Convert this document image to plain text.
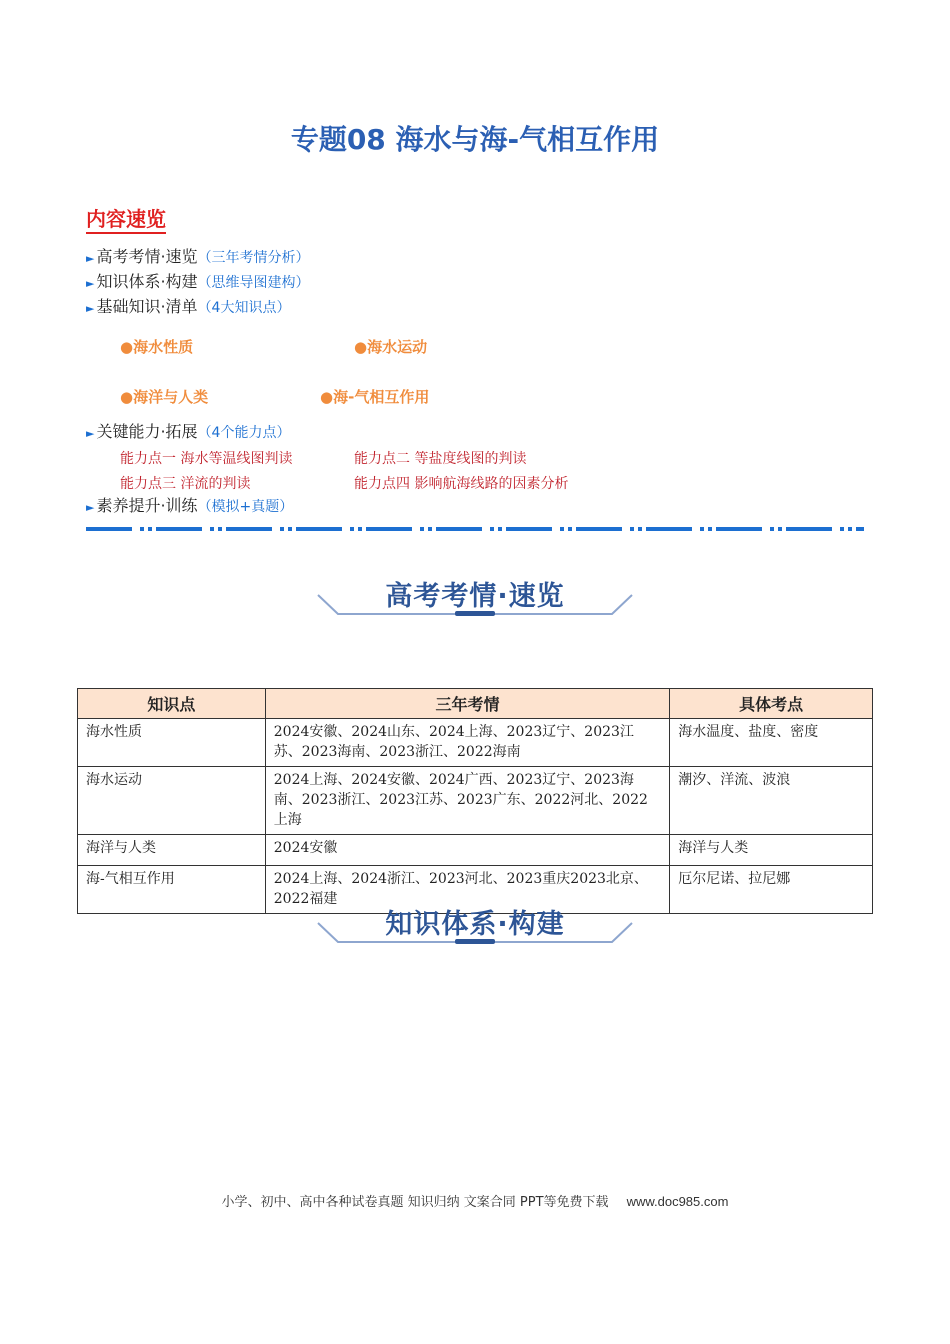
专题08 海水与海-气相互作用
内容速览
► 高考考情·速览（三年考情分析）
► 知识体系·构建（思维导图建构）
► 基础知识·清单（4大知识点）
●海水性质	●海水运动
●海洋与人类	●海-气相互作用
► 关键能力·拓展（4个能力点）
能力点一 海水等温线图判读	能力点二 等盐度线图的判读
能力点三 洋流的判读	能力点四 影响航海线路的因素分析
► 素养提升·训练（模拟+真题）
高考考情·速览
知识点	三年考情	具体考点
海水性质	2024安徽、2024山东、2024上海、2023辽宁、2023江苏、2023海南、2023浙江、2022海南	海水温度、盐度、密度
海水运动	2024上海、2024安徽、2024广西、2023辽宁、2023海南、2023浙江、2023江苏、2023广东、2022河北、2022上海	潮汐、洋流、波浪
海洋与人类	2024安徽	海洋与人类
海-气相互作用	2024上海、2024浙江、2023河北、2023重庆2023北京、2022福建	厄尔尼诺、拉尼娜
知识体系·构建
小学、初中、高中各种试卷真题 知识归纳 文案合同 PPT等免费下载 www.doc985.com
